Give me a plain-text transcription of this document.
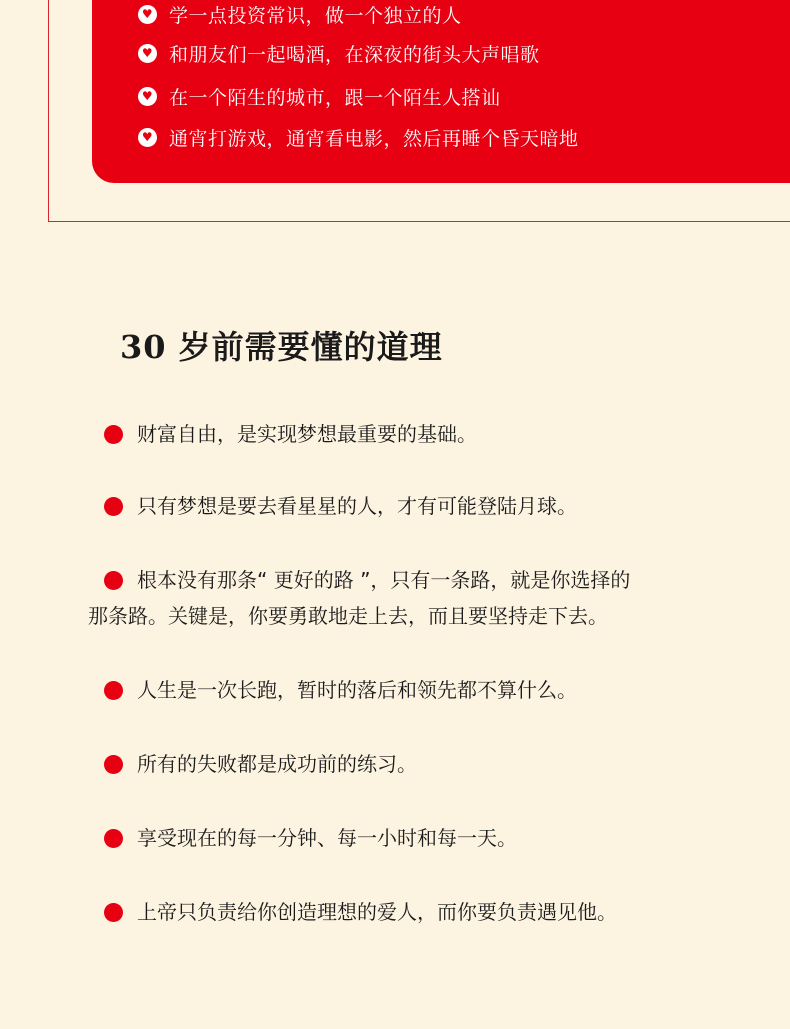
♥
学一点投资常识，做一个独立的人
♥
和朋友们一起喝酒，在深夜的街头大声唱歌
♥
在一个陌生的城市，跟一个陌生人搭讪
♥
通宵打游戏，通宵看电影，然后再睡个昏天暗地
30 岁前需要懂的道理
财富自由，是实现梦想最重要的基础。
只有梦想是要去看星星的人，才有可能登陆月球。
根本没有那条“ 更好的路 ”，只有一条路，就是你选择的
那条路。关键是，你要勇敢地走上去，而且要坚持走下去。
人生是一次长跑，暂时的落后和领先都不算什么。
所有的失败都是成功前的练习。
享受现在的每一分钟、每一小时和每一天。
上帝只负责给你创造理想的爱人，而你要负责遇见他。
